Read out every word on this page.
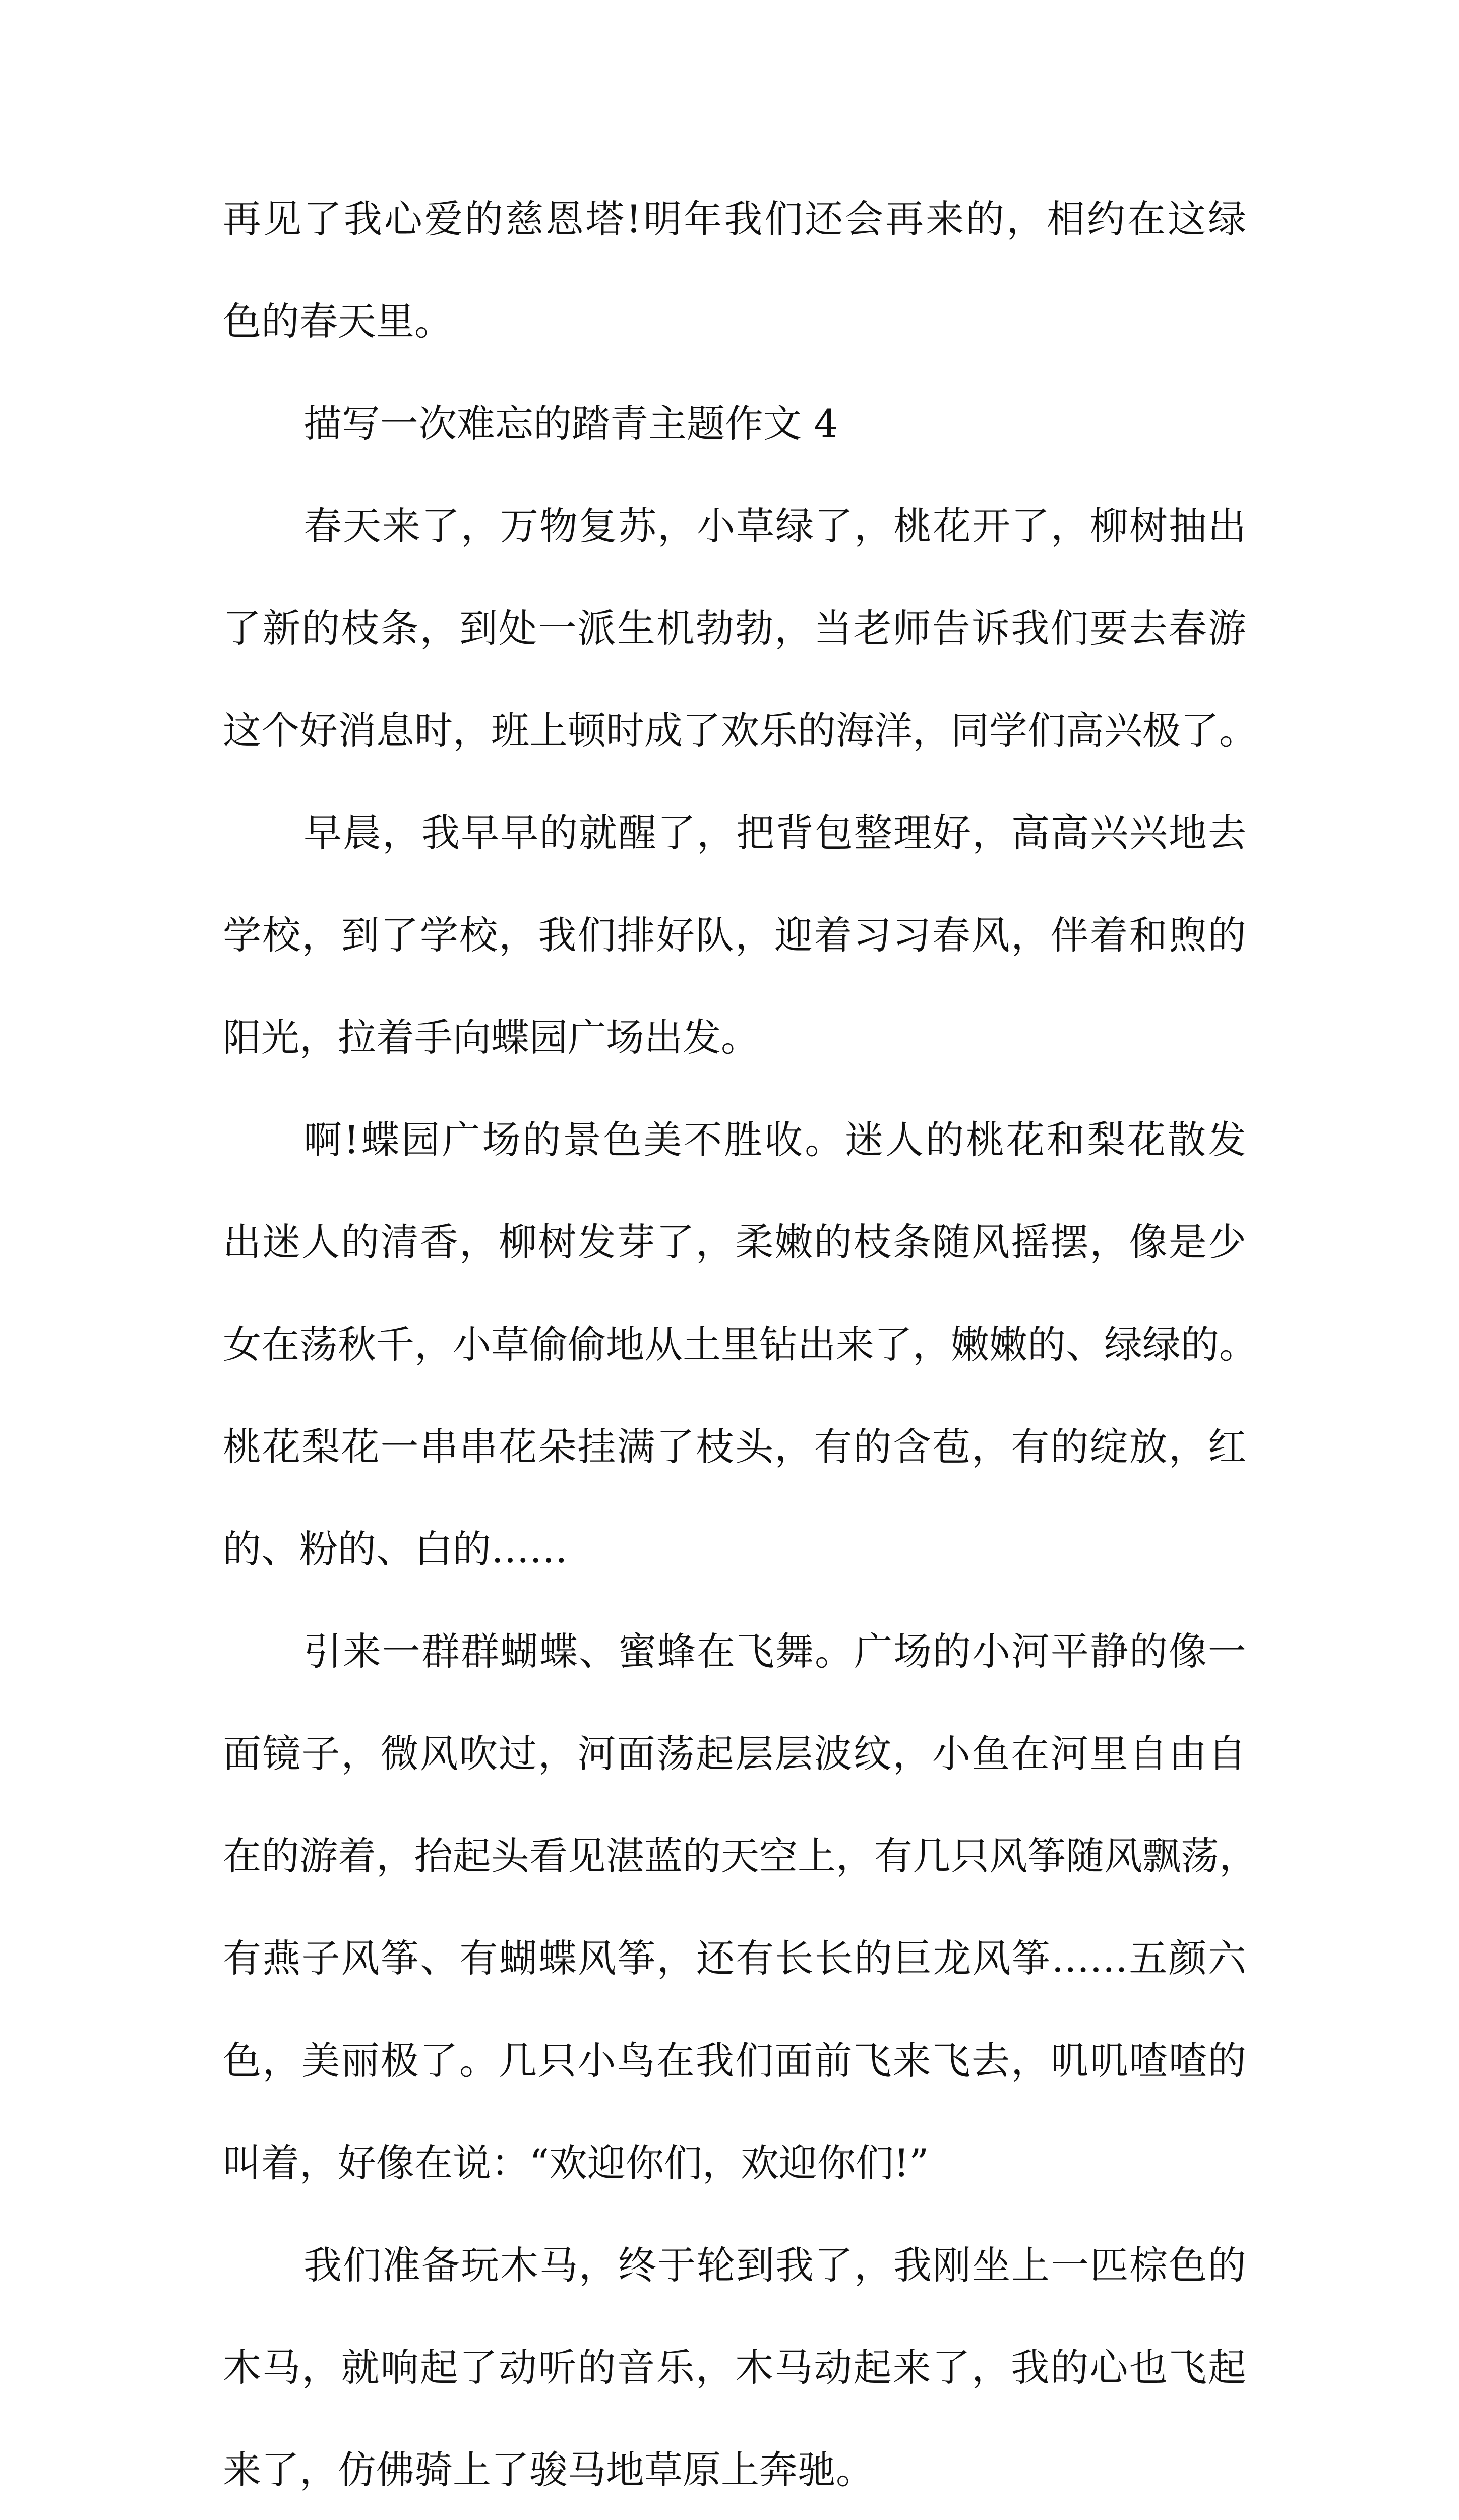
再见了我心爱的慈恩塔!明年我们还会再来的，相约在这绿
色的春天里。
描写一次难忘的踏青主题作文 4
春天来了，万物复苏，小草绿了，桃花开了，柳树抽出
了新的枝条，到处一派生机勃勃，当老师告诉我们要去春游
这个好消息时，班上顿时成了欢乐的海洋，同学们高兴极了。
早晨，我早早的就醒了，把背包整理好，高高兴兴地去
学校，到了学校，我们排好队，迎着习习春风，伴着和煦的
阳光，拉着手向蝶园广场出发。
啊!蝶园广场的景色美不胜收。迷人的桃花和梨花散发
出迷人的清香，柳树发芽了，柔嫩的枝条随风摇摆，像是少
女在荡秋千，小草偷偷地从土里钻出来了，嫩嫩的、绿绿的。
桃花梨花一串串花朵挂满了枝头，有的含苞，有的绽放，红
的、粉的、白的……
引来一群群蝴蝶、蜜蜂在飞舞。广场的小河平静的像一
面镜子，微风吹过，河面荡起层层波纹，小鱼在河里自由自
在的游着，抬起头看见湛蓝的天空上，有几只风筝随风飘荡，
有燕子风筝、有蝴蝶风筝，还有长长的巨龙风筝……五颜六
色，美丽极了。几只小鸟在我们面前飞来飞去，叽叽喳喳的
叫着，好像在说：“欢迎你们，欢迎你们!”
我们准备玩木马，终于轮到我了，我刚坐上一匹棕色的
木马，就响起了动听的音乐，木马动起来了，我的心也飞起
来了，仿佛骑上了骏马地草原上奔驰。
